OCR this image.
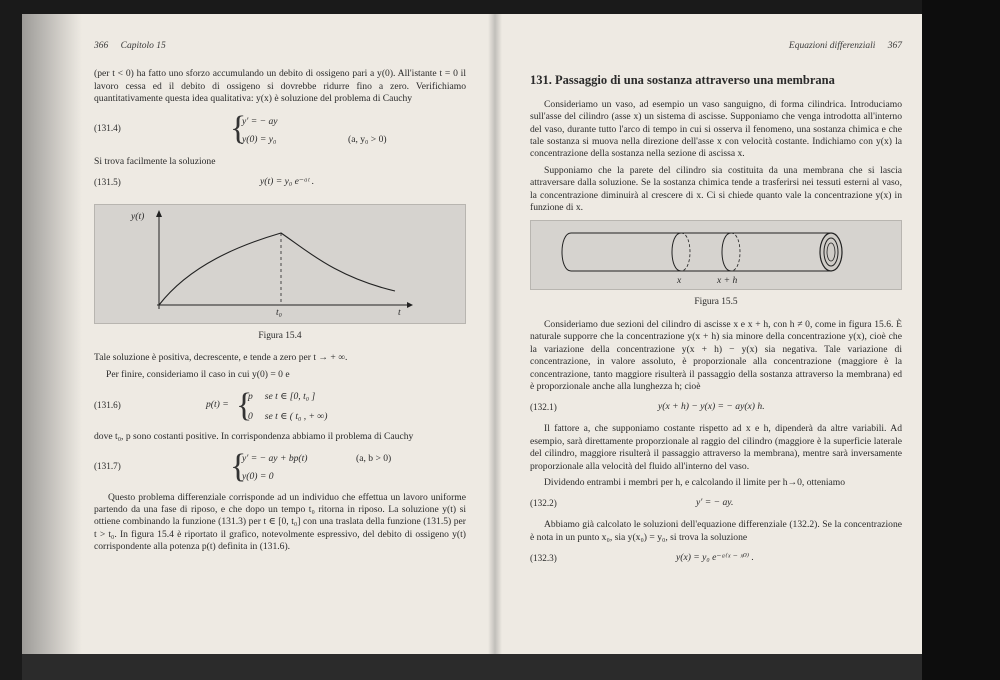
366 Capitolo 15

(per t < 0) ha fatto uno sforzo accumulando un debito di ossigeno pari a y(0). All'istante t = 0 il lavoro cessa ed il debito di ossigeno si dovrebbe ridurre fino a zero. Verifichiamo quantitativamente questa idea qualitativa: y(x) è soluzione del problema di Cauchy

(131.4)	{
y′ = − ay
y(0) = y₀	(a, y₀ > 0)

Si trova facilmente la soluzione

(131.5)	y(t) = y₀ e⁻ᵃᵗ .
y(t)
t
t₀
Figura 15.4

Tale soluzione è positiva, decrescente, e tende a zero per t → + ∞.

Per finire, consideriamo il caso in cui y(0) = 0 e

(131.6)	p(t) = {
p     se t ∈ [0, t₀ ]
0     se t ∈ ( t₀ , + ∞)

dove t₀, p sono costanti positive. In corrispondenza abbiamo il problema di Cauchy

(131.7)	{
y′ = − ay + bp(t)
y(0) = 0
(a, b > 0)

Questo problema differenziale corrisponde ad un individuo che effettua un lavoro uniforme partendo da una fase di riposo, e che dopo un tempo t₀ ritorna in riposo. La soluzione y(t) si ottiene combinando la funzione (131.3) per t ∈ [0, t₀] con una traslata della funzione (131.5) per t > t₀. In figura 15.4 è riportato il grafico, notevolmente espressivo, del debito di ossigeno y(t) corrispondente alla potenza p(t) definita in (131.6).

Equazioni differenziali 367
131. Passaggio di una sostanza attraverso una membrana

Consideriamo un vaso, ad esempio un vaso sanguigno, di forma cilindrica. Introduciamo sull'asse del cilindro (asse x) un sistema di ascisse. Supponiamo che venga introdotta all'interno del vaso, durante tutto l'arco di tempo in cui si osserva il fenomeno, una sostanza chimica e che tale sostanza si muova nella direzione dell'asse x con velocità costante. Indichiamo con y(x) la concentrazione della sostanza nella sezione di ascissa x.

Supponiamo che la parete del cilindro sia costituita da una membrana che si lascia attraversare dalla soluzione. Se la sostanza chimica tende a trasferirsi nei tessuti esterni al vaso, la concentrazione diminuirà al crescere di x. Ci si chiede quanto vale la concentrazione y(x) in funzione di x.

x	x + h
Figura 15.5

Consideriamo due sezioni del cilindro di ascisse x e x + h, con h ≠ 0, come in figura 15.6. È naturale supporre che la concentrazione y(x + h) sia minore della concentrazione y(x), cioè che la variazione della concentrazione y(x + h) − y(x) sia negativa. Tale variazione di concentrazione, in valore assoluto, è proporzionale alla concentrazione (maggiore è la concentrazione, tanto maggiore risulterà il passaggio della sostanza attraverso la membrana) ed è proporzionale anche alla lunghezza h; cioè

(132.1)	y(x + h) − y(x) = − ay(x) h.

Il fattore a, che supponiamo costante rispetto ad x e h, dipenderà da altre variabili. Ad esempio, sarà direttamente proporzionale al raggio del cilindro (maggiore è la superficie laterale del cilindro, maggiore risulterà il passaggio attraverso la membrana), mentre sarà inversamente proporzionale alla velocità del fluido all'interno del vaso.

Dividendo entrambi i membri per h, e calcolando il limite per h→0, otteniamo

(132.2)	y′ = − ay.

Abbiamo già calcolato le soluzioni dell'equazione differenziale (132.2). Se la concentrazione è nota in un punto x₀, sia y(x₀) = y₀, si trova la soluzione

(132.3)	y(x) = y₀ e⁻ᵃ⁽ˣ ⁻ ˣ⁰⁾ .
